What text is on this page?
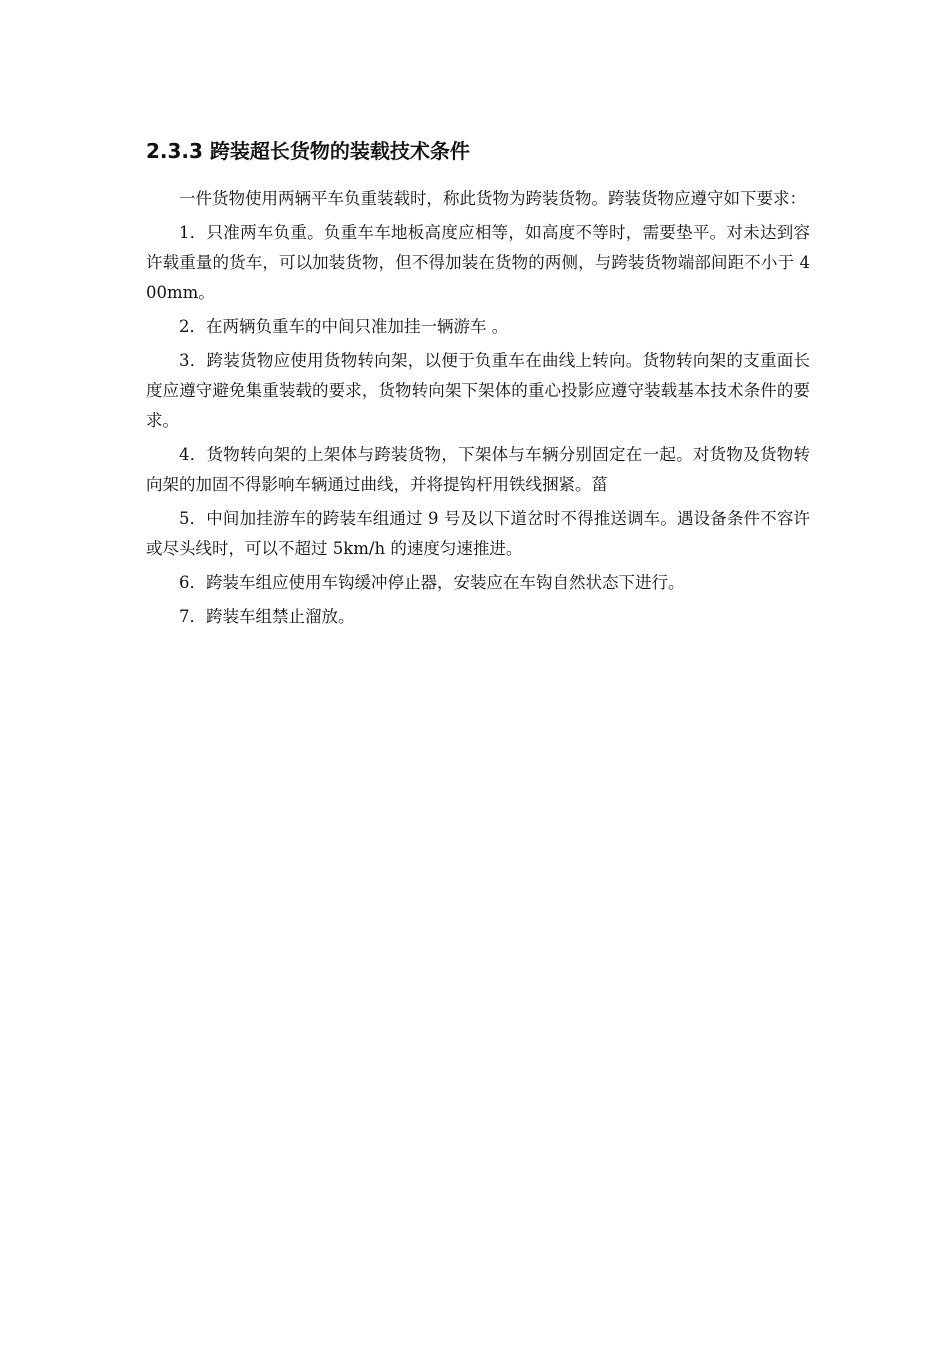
2.3.3 跨装超长货物的装载技术条件

一件货物使用两辆平车负重装载时，称此货物为跨装货物。跨装货物应遵守如下要求：

1．只准两车负重。负重车车地板高度应相等，如高度不等时，需要垫平。对未达到容许载重量的货车，可以加装货物，但不得加装在货物的两侧，与跨装货物端部间距不小于 400mm。

2．在两辆负重车的中间只准加挂一辆游车 。

3．跨装货物应使用货物转向架，以便于负重车在曲线上转向。货物转向架的支重面长度应遵守避免集重装载的要求，货物转向架下架体的重心投影应遵守装载基本技术条件的要求。

4．货物转向架的上架体与跨装货物，下架体与车辆分别固定在一起。对货物及货物转向架的加固不得影响车辆通过曲线，并将提钩杆用铁线捆紧。菑

5．中间加挂游车的跨装车组通过 9 号及以下道岔时不得推送调车。遇设备条件不容许或尽头线时，可以不超过 5km/h 的速度匀速推进。

6．跨装车组应使用车钩缓冲停止器，安装应在车钩自然状态下进行。

7．跨装车组禁止溜放。
